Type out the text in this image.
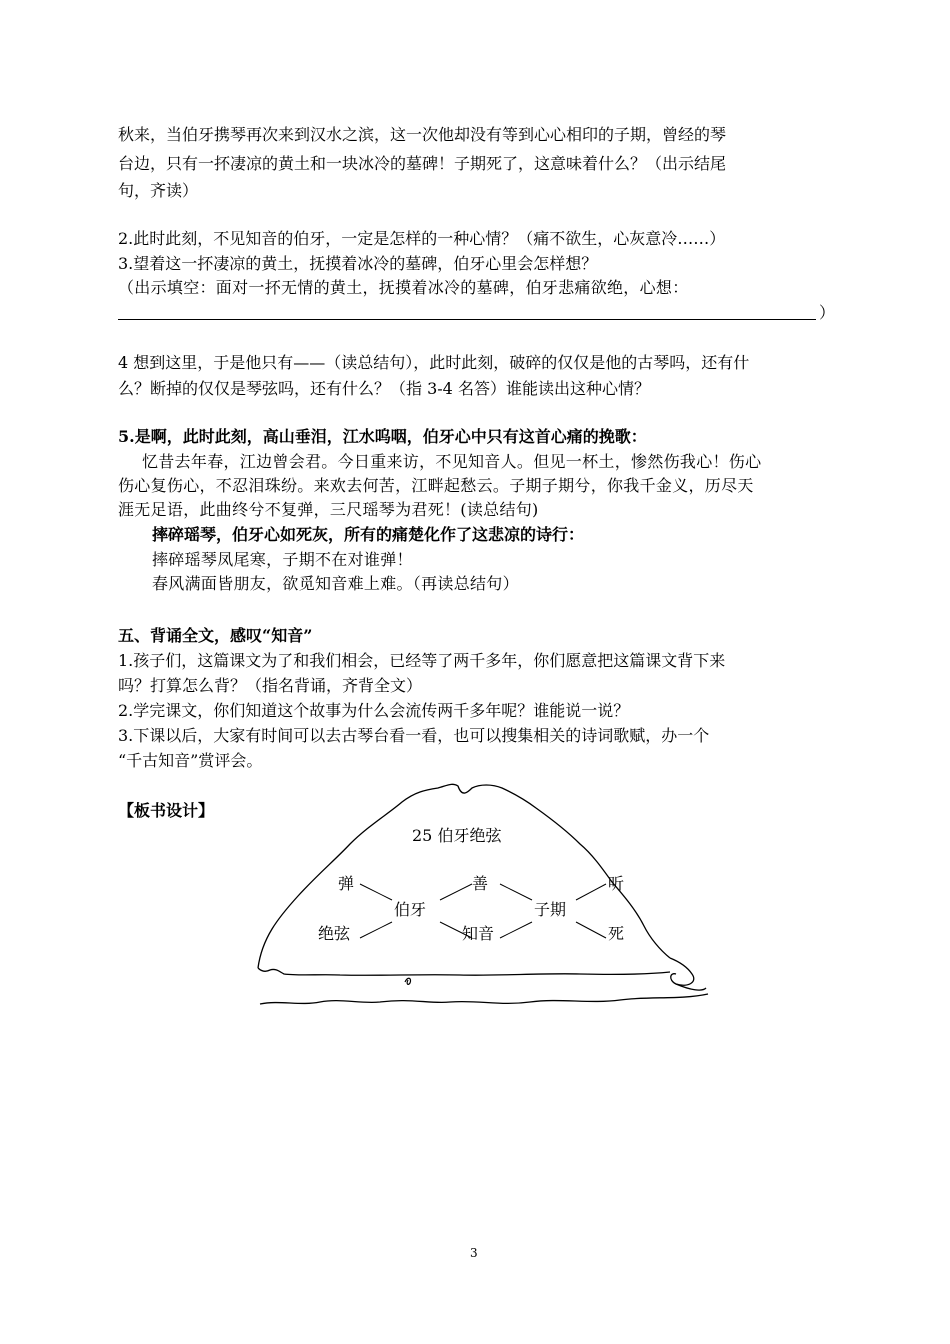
秋来，当伯牙携琴再次来到汉水之滨，这一次他却没有等到心心相印的子期，曾经的琴
台边，只有一抔凄凉的黄土和一块冰冷的墓碑！子期死了，这意味着什么？（出示结尾
句，齐读）
2.此时此刻，不见知音的伯牙，一定是怎样的一种心情？（痛不欲生，心灰意冷……）
3.望着这一抔凄凉的黄土，抚摸着冰冷的墓碑，伯牙心里会怎样想？
（出示填空：面对一抔无情的黄土，抚摸着冰冷的墓碑，伯牙悲痛欲绝，心想：
）
4 想到这里，于是他只有——（读总结句），此时此刻，破碎的仅仅是他的古琴吗，还有什
么？断掉的仅仅是琴弦吗，还有什么？（指 3-4 名答）谁能读出这种心情？
5.是啊，此时此刻，高山垂泪，江水呜咽，伯牙心中只有这首心痛的挽歌：
忆昔去年春，江边曾会君。今日重来访，不见知音人。但见一杯土，惨然伤我心！伤心
伤心复伤心，不忍泪珠纷。来欢去何苦，江畔起愁云。子期子期兮，你我千金义，历尽天
涯无足语，此曲终兮不复弹，三尺瑶琴为君死！(读总结句)
摔碎瑶琴，伯牙心如死灰，所有的痛楚化作了这悲凉的诗行：
摔碎瑶琴凤尾寒，子期不在对谁弹！
春风满面皆朋友，欲觅知音难上难。（再读总结句）
五、背诵全文，感叹“知音”
1.孩子们，这篇课文为了和我们相会，已经等了两千多年，你们愿意把这篇课文背下来
吗？打算怎么背？（指名背诵，齐背全文）
2.学完课文，你们知道这个故事为什么会流传两千多年呢？谁能说一说？
3.下课以后，大家有时间可以去古琴台看一看，也可以搜集相关的诗词歌赋，办一个
“千古知音”赏评会。
【板书设计】
25 伯牙绝弦
弹
绝弦
伯牙
善
知音
子期
听
死
3
